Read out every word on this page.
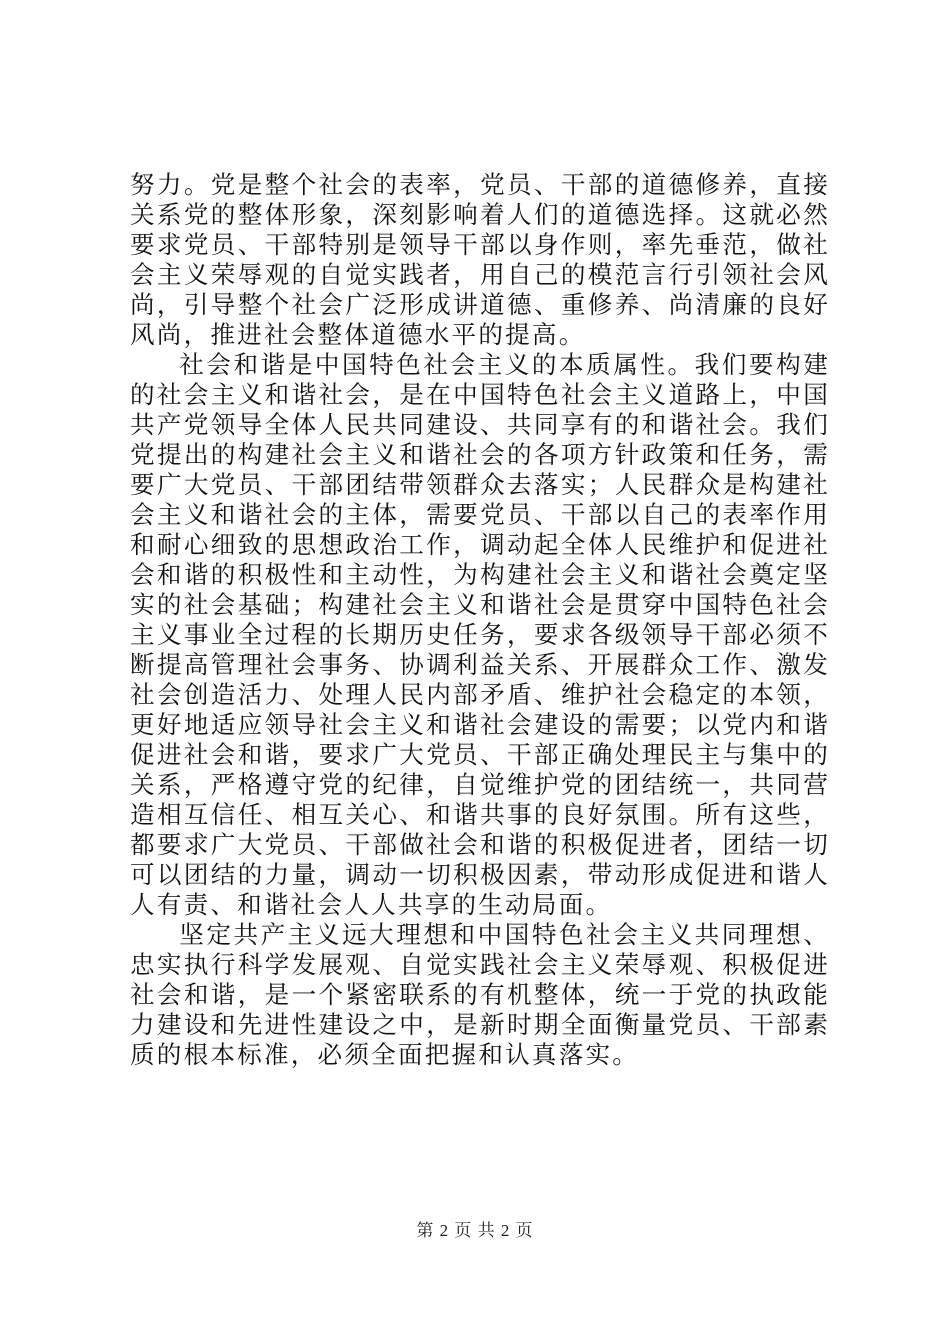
努力。党是整个社会的表率，党员、干部的道德修养，直接关系党的整体形象，深刻影响着人们的道德选择。这就必然要求党员、干部特别是领导干部以身作则，率先垂范，做社会主义荣辱观的自觉实践者，用自己的模范言行引领社会风尚，引导整个社会广泛形成讲道德、重修养、尚清廉的良好风尚，推进社会整体道德水平的提高。

社会和谐是中国特色社会主义的本质属性。我们要构建的社会主义和谐社会，是在中国特色社会主义道路上，中国共产党领导全体人民共同建设、共同享有的和谐社会。我们党提出的构建社会主义和谐社会的各项方针政策和任务，需要广大党员、干部团结带领群众去落实；人民群众是构建社会主义和谐社会的主体，需要党员、干部以自己的表率作用和耐心细致的思想政治工作，调动起全体人民维护和促进社会和谐的积极性和主动性，为构建社会主义和谐社会奠定坚实的社会基础；构建社会主义和谐社会是贯穿中国特色社会主义事业全过程的长期历史任务，要求各级领导干部必须不断提高管理社会事务、协调利益关系、开展群众工作、激发社会创造活力、处理人民内部矛盾、维护社会稳定的本领，更好地适应领导社会主义和谐社会建设的需要；以党内和谐促进社会和谐，要求广大党员、干部正确处理民主与集中的关系，严格遵守党的纪律，自觉维护党的团结统一，共同营造相互信任、相互关心、和谐共事的良好氛围。所有这些，都要求广大党员、干部做社会和谐的积极促进者，团结一切可以团结的力量，调动一切积极因素，带动形成促进和谐人人有责、和谐社会人人共享的生动局面。

坚定共产主义远大理想和中国特色社会主义共同理想、忠实执行科学发展观、自觉实践社会主义荣辱观、积极促进社会和谐，是一个紧密联系的有机整体，统一于党的执政能力建设和先进性建设之中，是新时期全面衡量党员、干部素质的根本标准，必须全面把握和认真落实。

第 2 页 共 2 页
